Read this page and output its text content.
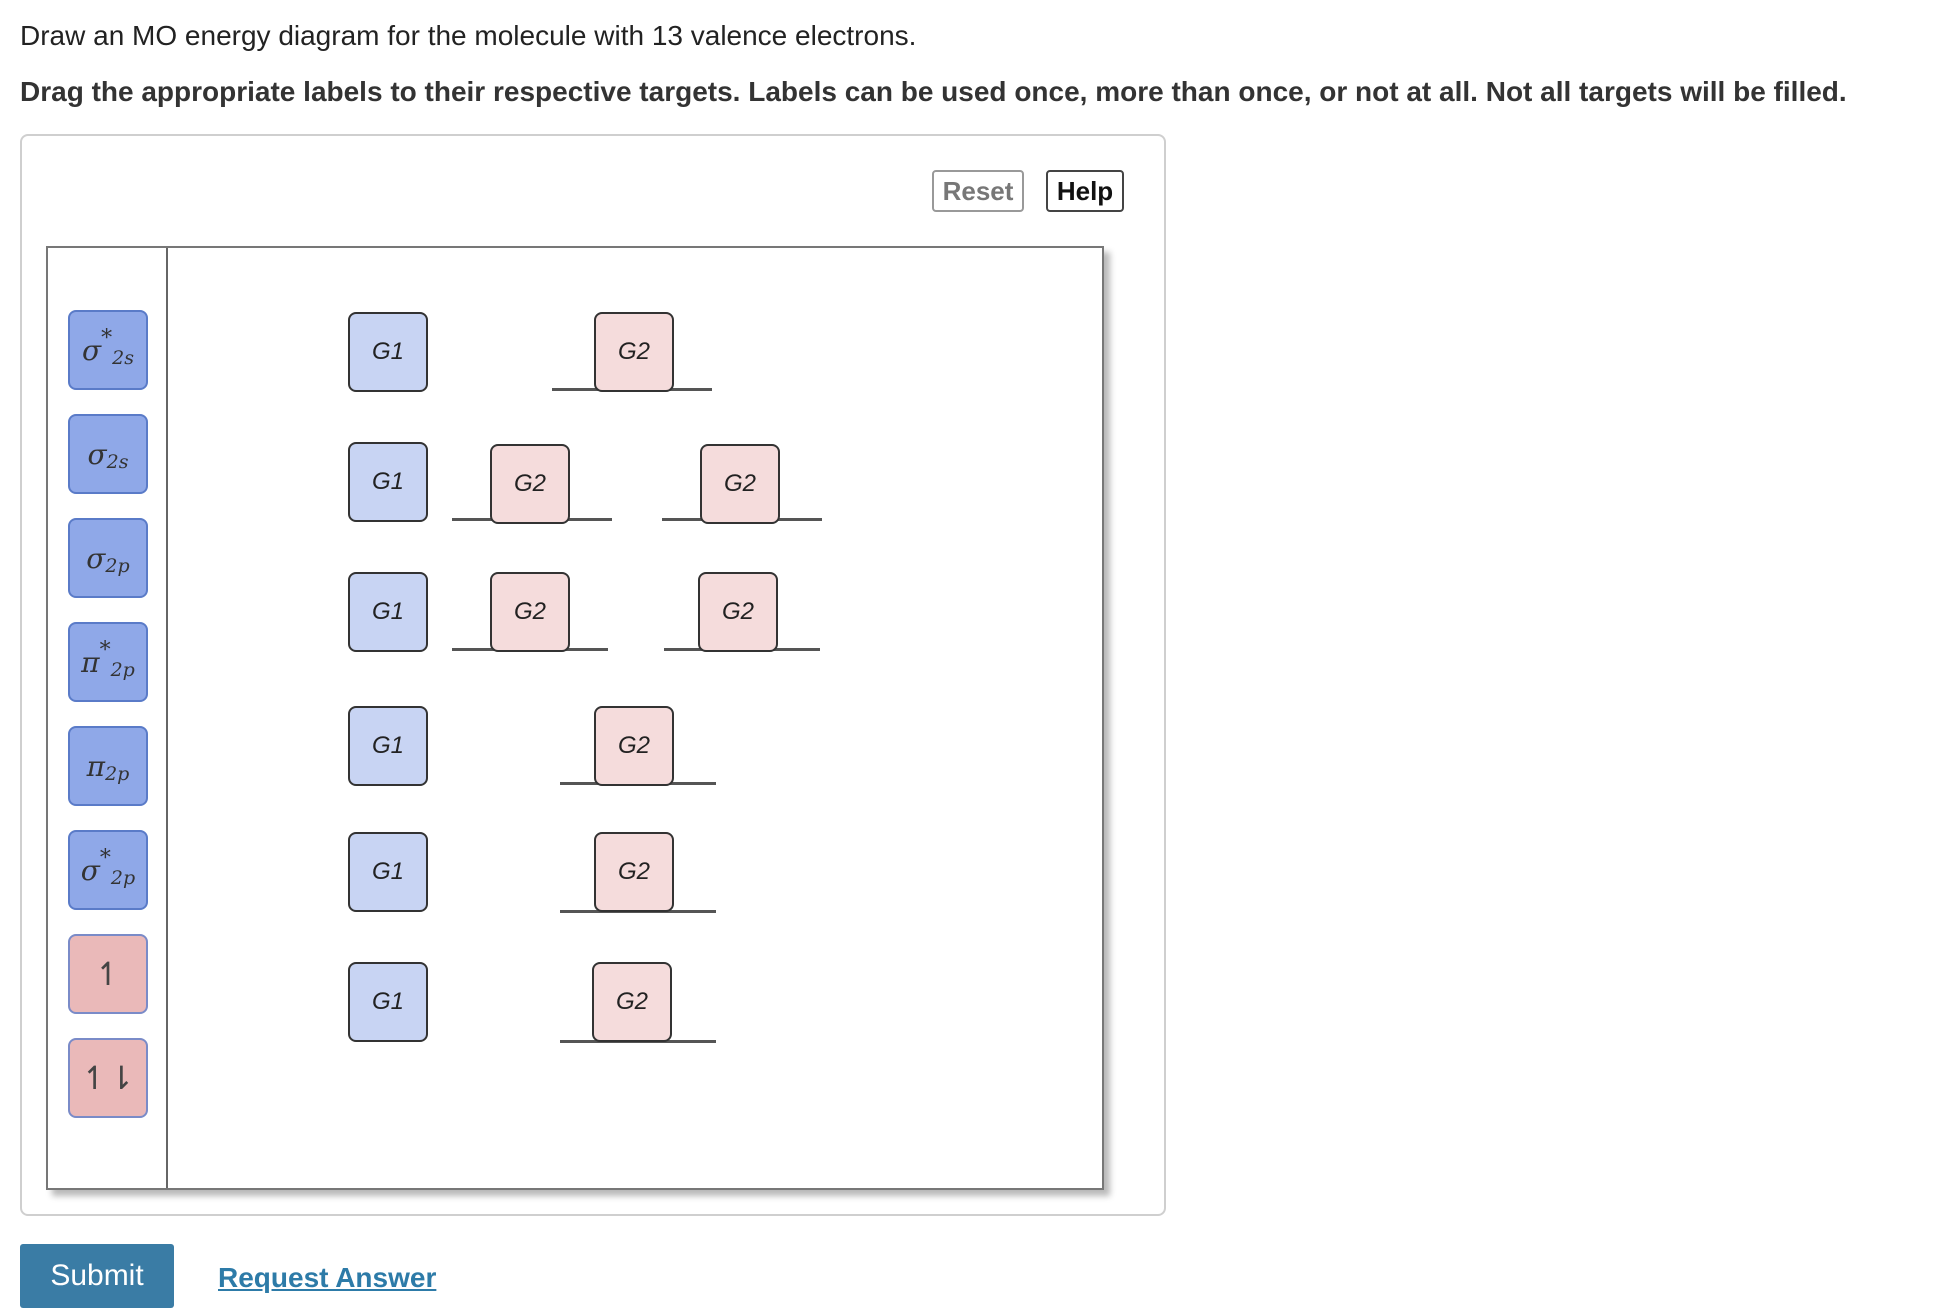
Draw an MO energy diagram for the molecule with 13 valence electrons.
Drag the appropriate labels to their respective targets. Labels can be used once, more than once, or not at all. Not all targets will be filled.
Reset	Help
σ *
2s
σ 2s
σ 2p
π *
2p
π 2p
σ *
2p
↿
↿⇂
G1
G1
G1
G1
G1
G1
G2
G2	G2
G2	G2
G2
G2
G2
Submit	Request Answer
